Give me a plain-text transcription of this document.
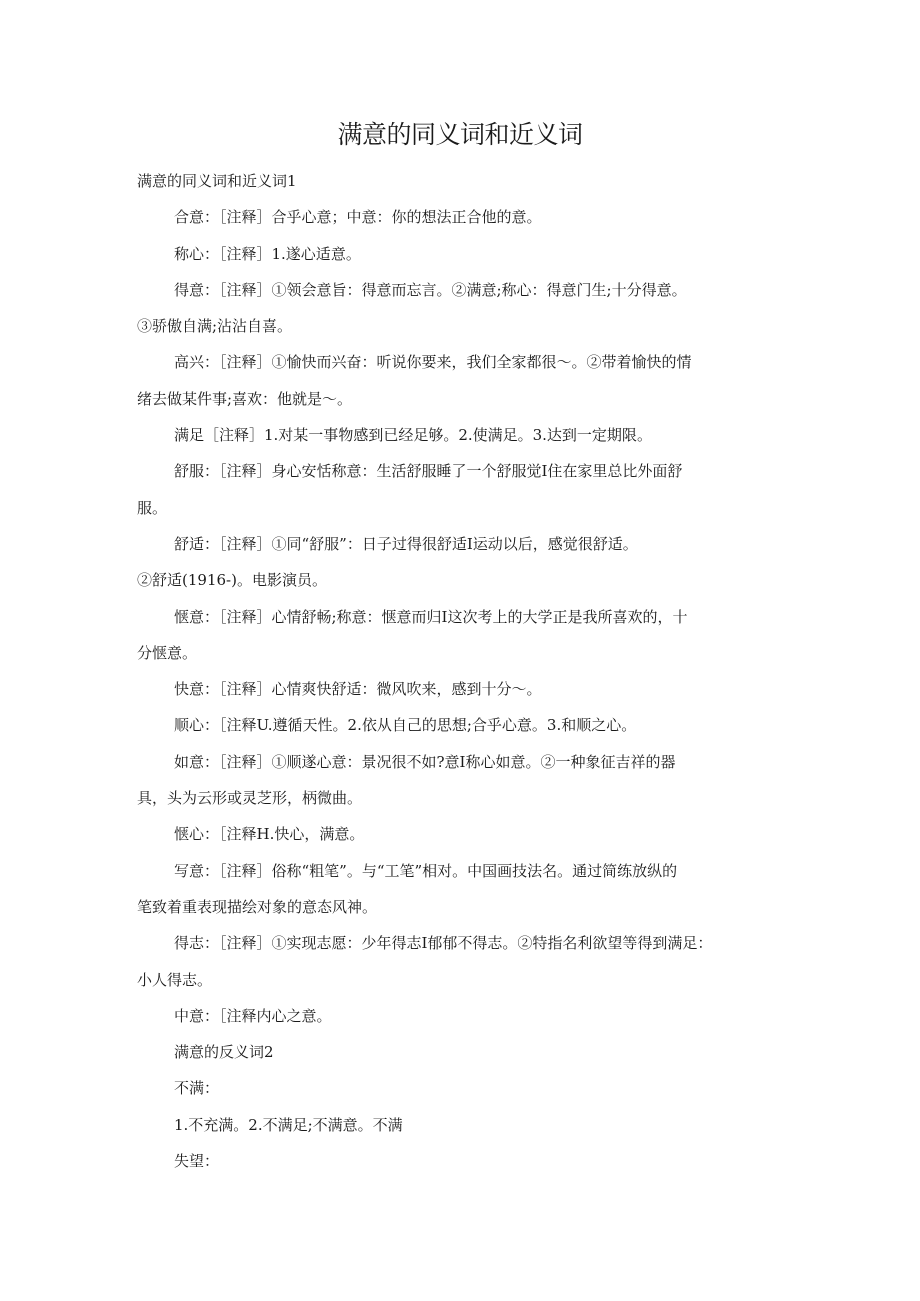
满意的同义词和近义词

满意的同义词和近义词1

合意：［注释］合乎心意；中意：你的想法正合他的意。

称心：［注释］1.遂心适意。

得意：［注释］①领会意旨：得意而忘言。②满意;称心：得意门生;十分得意。

③骄傲自满;沾沾自喜。

高兴：［注释］①愉快而兴奋：听说你要来，我们全家都很～。②带着愉快的情

绪去做某件事;喜欢：他就是～。

满足［注释］1.对某一事物感到已经足够。2.使满足。3.达到一定期限。

舒服：［注释］身心安恬称意：生活舒服睡了一个舒服觉I住在家里总比外面舒

服。

舒适：［注释］①同“舒服”：日子过得很舒适I运动以后，感觉很舒适。

②舒适(1916-)。电影演员。

惬意：［注释］心情舒畅;称意：惬意而归I这次考上的大学正是我所喜欢的，十

分惬意。

快意：［注释］心情爽快舒适：微风吹来，感到十分～。

顺心：［注释U.遵循天性。2.依从自己的思想;合乎心意。3.和顺之心。

如意：［注释］①顺遂心意：景况很不如?意I称心如意。②一种象征吉祥的器

具，头为云形或灵芝形，柄微曲。

惬心：［注释H.快心，满意。

写意：［注释］俗称“粗笔”。与“工笔”相对。中国画技法名。通过简练放纵的

笔致着重表现描绘对象的意态风神。

得志：［注释］①实现志愿：少年得志I郁郁不得志。②特指名利欲望等得到满足：

小人得志。

中意：［注释内心之意。

满意的反义词2

不满：

1.不充满。2.不满足;不满意。不满

失望：
